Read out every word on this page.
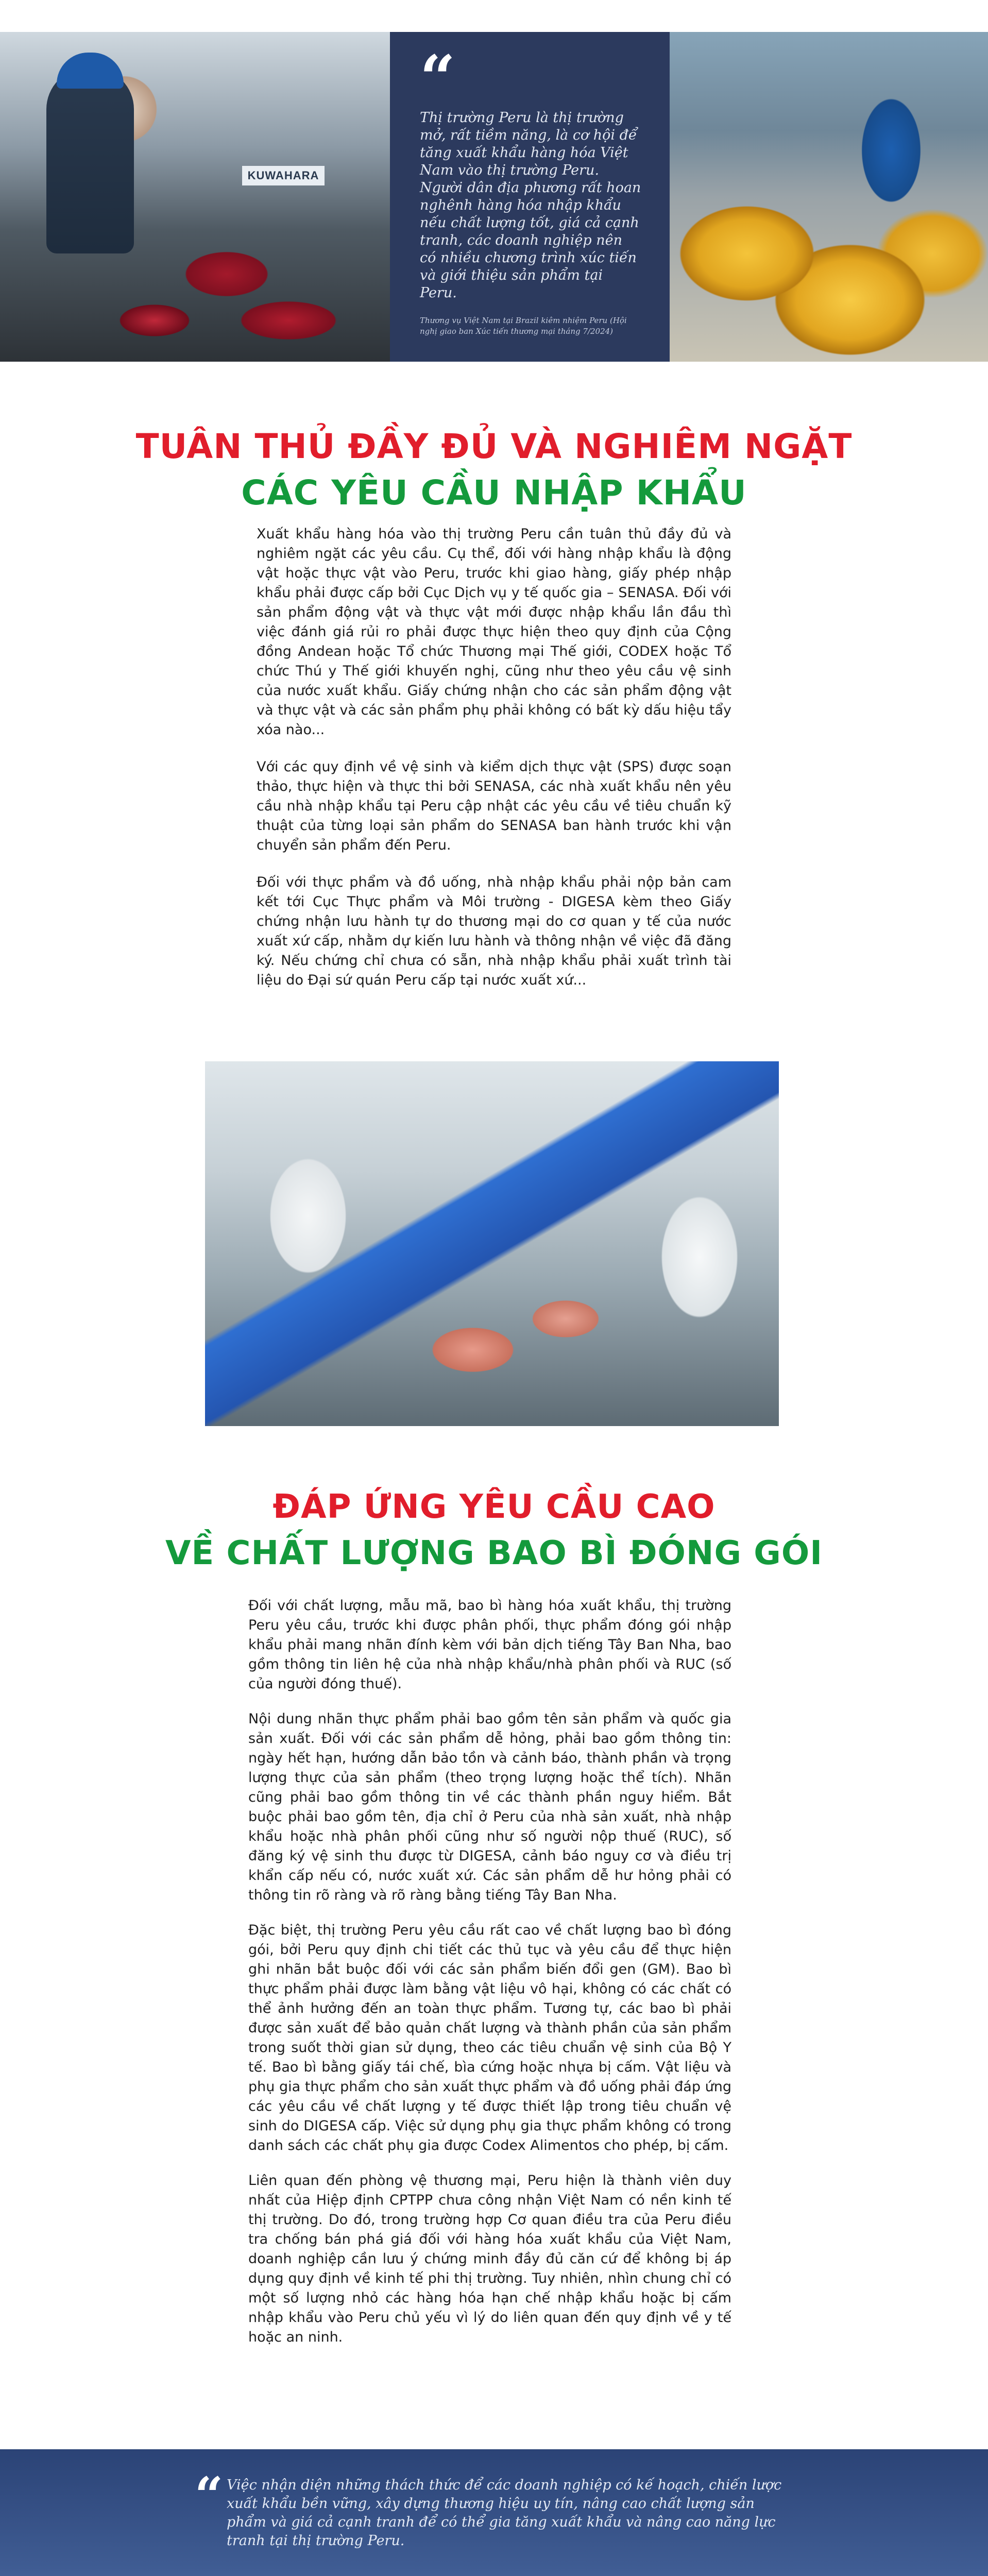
KUWAHARA
“
Thị trường Peru là thị trường mở, rất tiềm năng, là cơ hội để tăng xuất khẩu hàng hóa Việt Nam vào thị trường Peru. Người dân địa phương rất hoan nghênh hàng hóa nhập khẩu nếu chất lượng tốt, giá cả cạnh tranh, các doanh nghiệp nên có nhiều chương trình xúc tiến và giới thiệu sản phẩm tại Peru.
Thương vụ Việt Nam tại Brazil kiêm nhiệm Peru (Hội nghị giao ban Xúc tiến thương mại tháng 7/2024)
TUÂN THỦ ĐẦY ĐỦ VÀ NGHIÊM NGẶT
CÁC YÊU CẦU NHẬP KHẨU

Xuất khẩu hàng hóa vào thị trường Peru cần tuân thủ đầy đủ và nghiêm ngặt các yêu cầu. Cụ thể, đối với hàng nhập khẩu là động vật hoặc thực vật vào Peru, trước khi giao hàng, giấy phép nhập khẩu phải được cấp bởi Cục Dịch vụ y tế quốc gia – SENASA. Đối với sản phẩm động vật và thực vật mới được nhập khẩu lần đầu thì việc đánh giá rủi ro phải được thực hiện theo quy định của Cộng đồng Andean hoặc Tổ chức Thương mại Thế giới, CODEX hoặc Tổ chức Thú y Thế giới khuyến nghị, cũng như theo yêu cầu vệ sinh của nước xuất khẩu. Giấy chứng nhận cho các sản phẩm động vật và thực vật và các sản phẩm phụ phải không có bất kỳ dấu hiệu tẩy xóa nào...

Với các quy định về vệ sinh và kiểm dịch thực vật (SPS) được soạn thảo, thực hiện và thực thi bởi SENASA, các nhà xuất khẩu nên yêu cầu nhà nhập khẩu tại Peru cập nhật các yêu cầu về tiêu chuẩn kỹ thuật của từng loại sản phẩm do SENASA ban hành trước khi vận chuyển sản phẩm đến Peru.

Đối với thực phẩm và đồ uống, nhà nhập khẩu phải nộp bản cam kết tới Cục Thực phẩm và Môi trường - DIGESA kèm theo Giấy chứng nhận lưu hành tự do thương mại do cơ quan y tế của nước xuất xứ cấp, nhằm dự kiến lưu hành và thông nhận về việc đã đăng ký. Nếu chứng chỉ chưa có sẵn, nhà nhập khẩu phải xuất trình tài liệu do Đại sứ quán Peru cấp tại nước xuất xứ...

ĐÁP ỨNG YÊU CẦU CAO
VỀ CHẤT LƯỢNG BAO BÌ ĐÓNG GÓI

Đối với chất lượng, mẫu mã, bao bì hàng hóa xuất khẩu, thị trường Peru yêu cầu, trước khi được phân phối, thực phẩm đóng gói nhập khẩu phải mang nhãn đính kèm với bản dịch tiếng Tây Ban Nha, bao gồm thông tin liên hệ của nhà nhập khẩu/nhà phân phối và RUC (số của người đóng thuế).

Nội dung nhãn thực phẩm phải bao gồm tên sản phẩm và quốc gia sản xuất. Đối với các sản phẩm dễ hỏng, phải bao gồm thông tin: ngày hết hạn, hướng dẫn bảo tồn và cảnh báo, thành phần và trọng lượng thực của sản phẩm (theo trọng lượng hoặc thể tích). Nhãn cũng phải bao gồm thông tin về các thành phần nguy hiểm. Bắt buộc phải bao gồm tên, địa chỉ ở Peru của nhà sản xuất, nhà nhập khẩu hoặc nhà phân phối cũng như số người nộp thuế (RUC), số đăng ký vệ sinh thu được từ DIGESA, cảnh báo nguy cơ và điều trị khẩn cấp nếu có, nước xuất xứ. Các sản phẩm dễ hư hỏng phải có thông tin rõ ràng và rõ ràng bằng tiếng Tây Ban Nha.

Đặc biệt, thị trường Peru yêu cầu rất cao về chất lượng bao bì đóng gói, bởi Peru quy định chi tiết các thủ tục và yêu cầu để thực hiện ghi nhãn bắt buộc đối với các sản phẩm biến đổi gen (GM). Bao bì thực phẩm phải được làm bằng vật liệu vô hại, không có các chất có thể ảnh hưởng đến an toàn thực phẩm. Tương tự, các bao bì phải được sản xuất để bảo quản chất lượng và thành phần của sản phẩm trong suốt thời gian sử dụng, theo các tiêu chuẩn vệ sinh của Bộ Y tế. Bao bì bằng giấy tái chế, bìa cứng hoặc nhựa bị cấm. Vật liệu và phụ gia thực phẩm cho sản xuất thực phẩm và đồ uống phải đáp ứng các yêu cầu về chất lượng y tế được thiết lập trong tiêu chuẩn vệ sinh do DIGESA cấp. Việc sử dụng phụ gia thực phẩm không có trong danh sách các chất phụ gia được Codex Alimentos cho phép, bị cấm.

Liên quan đến phòng vệ thương mại, Peru hiện là thành viên duy nhất của Hiệp định CPTPP chưa công nhận Việt Nam có nền kinh tế thị trường. Do đó, trong trường hợp Cơ quan điều tra của Peru điều tra chống bán phá giá đối với hàng hóa xuất khẩu của Việt Nam, doanh nghiệp cần lưu ý chứng minh đầy đủ căn cứ để không bị áp dụng quy định về kinh tế phi thị trường. Tuy nhiên, nhìn chung chỉ có một số lượng nhỏ các hàng hóa hạn chế nhập khẩu hoặc bị cấm nhập khẩu vào Peru chủ yếu vì lý do liên quan đến quy định về y tế hoặc an ninh.

“ Việc nhận diện những thách thức để các doanh nghiệp có kế hoạch, chiến lược xuất khẩu bền vững, xây dựng thương hiệu uy tín, nâng cao chất lượng sản phẩm và giá cả cạnh tranh để có thể gia tăng xuất khẩu và nâng cao năng lực tranh tại thị trường Peru.
